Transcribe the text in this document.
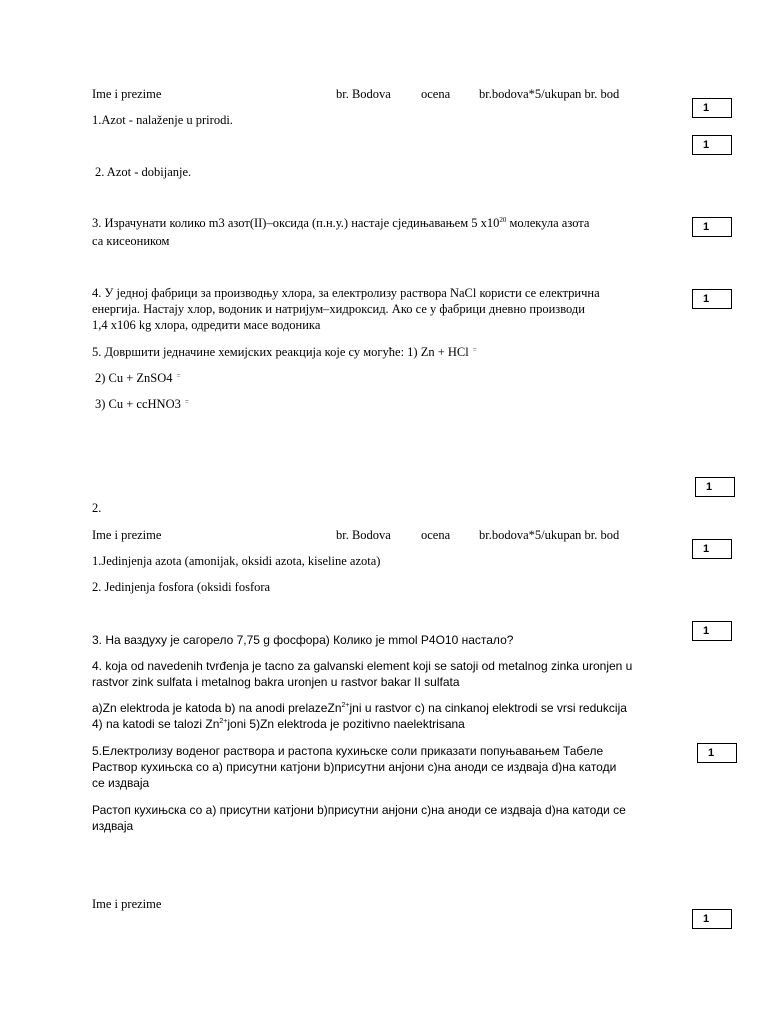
Ime i prezime	br. Bodova ocena br.bodova*5/ukupan br. bod
1.Azot - nalaženje u prirodi.
2. Azot - dobijanje.
3. Израчунати колико m3 азот(II)–оксида (п.н.у.) настаје сједињавањем 5 $x10^{20}$ молекула азота
са кисеоником
4. У једној фабрици за производњу хлора, за електролизу раствора NaCl користи се електрична
енергија. Настају хлор, водоник и натријум–хидроксид. Ако се у фабрици дневно производи
1,4 x106 kg хлора, одредити масе водоника
5. Довршити једначине хемијских реакција које су могуће: 1) Zn + HCl =
2) Cu + ZnSO4 =
3) Cu + ccHNO3 =
2.
Ime i prezime	br. Bodova ocena br.bodova*5/ukupan br. bod
1.Jedinjenja azota (amonijak, oksidi azota, kiseline azota)
2. Jedinjenja fosfora (oksidi fosfora
3. На ваздуху је сагорело 7,75 g фосфора) Колико је mmol P4O10 настало?
4. koja od navedenih tvrđenja je tacno za galvanski element koji se satoji od metalnog zinka uronjen u
rastvor zink sulfata i metalnog bakra uronjen u rastvor bakar II sulfata
a)Zn elektroda je katoda b) na anodi prelazeZn$^{2+}$jni u rastvor c) na cinkanoj elektrodi se vrsi redukcija
4) na katodi se talozi $Zn^{2+}joni$ 5)Zn elektroda je pozitivno naelektrisana
5.Електролизу воденог раствора и растопа кухињске соли приказати попуњавањем Табеле
Раствор кухињска со а) присутни катјони b)присутни анјони c)на аноди се издваја d)на катоди
се издваја
Растоп кухињска со а) присутни катјони b)присутни анјони c)на аноди се издваја d)на катоди се
издваја
Ime i prezime
1
1
1
1
1
1
1
1
1
